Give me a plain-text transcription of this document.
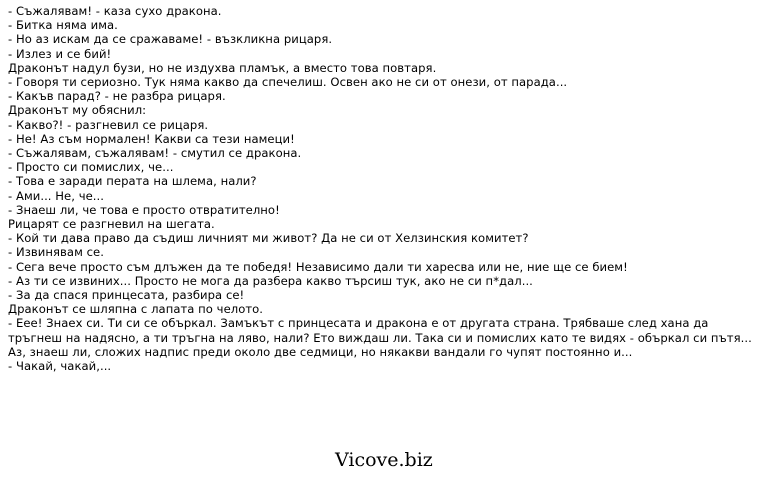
- Съжалявам! - каза сухо дракона.
- Битка няма има.
- Но аз искам да се сражаваме! - възкликна рицаря.
- Излез и се бий!
Драконът надул бузи, но не издухва пламък, а вместо това повтаря.
- Говоря ти сериозно. Тук няма какво да спечелиш. Освен ако не си от онези, от парада...
- Какъв парад? - не разбра рицаря.
Драконът му обяснил:
- Какво?! - разгневил се рицаря.
- Не! Аз съм нормален! Какви са тези намеци!
- Съжалявам, съжалявам! - смутил се дракона.
- Просто си помислих, че...
- Това е заради перата на шлема, нали?
- Ами... Не, че...
- Знаеш ли, че това е просто отвратително!
Рицарят се разгневил на шегата.
- Кой ти дава право да съдиш личният ми живот? Да не си от Хелзинския комитет?
- Извинявам се.
- Сега вече просто съм длъжен да те победя! Независимо дали ти харесва или не, ние ще се бием!
- Аз ти се извиних... Просто не мога да разбера какво търсиш тук, ако не си п*дал...
- За да спася принцесата, разбира се!
Драконът се шляпна с лапата по челото.
- Еее! Знаех си. Ти си се объркал. Замъкът с принцесата и дракона е от другата страна. Трябваше след хана да тръгнеш на надясно, а ти тръгна на ляво, нали? Ето виждаш ли. Така си и помислих като те видях - объркал си пътя... Аз, знаеш ли, сложих надпис преди около две седмици, но някакви вандали го чупят постоянно и...
- Чакай, чакай,...
Vicove.biz
